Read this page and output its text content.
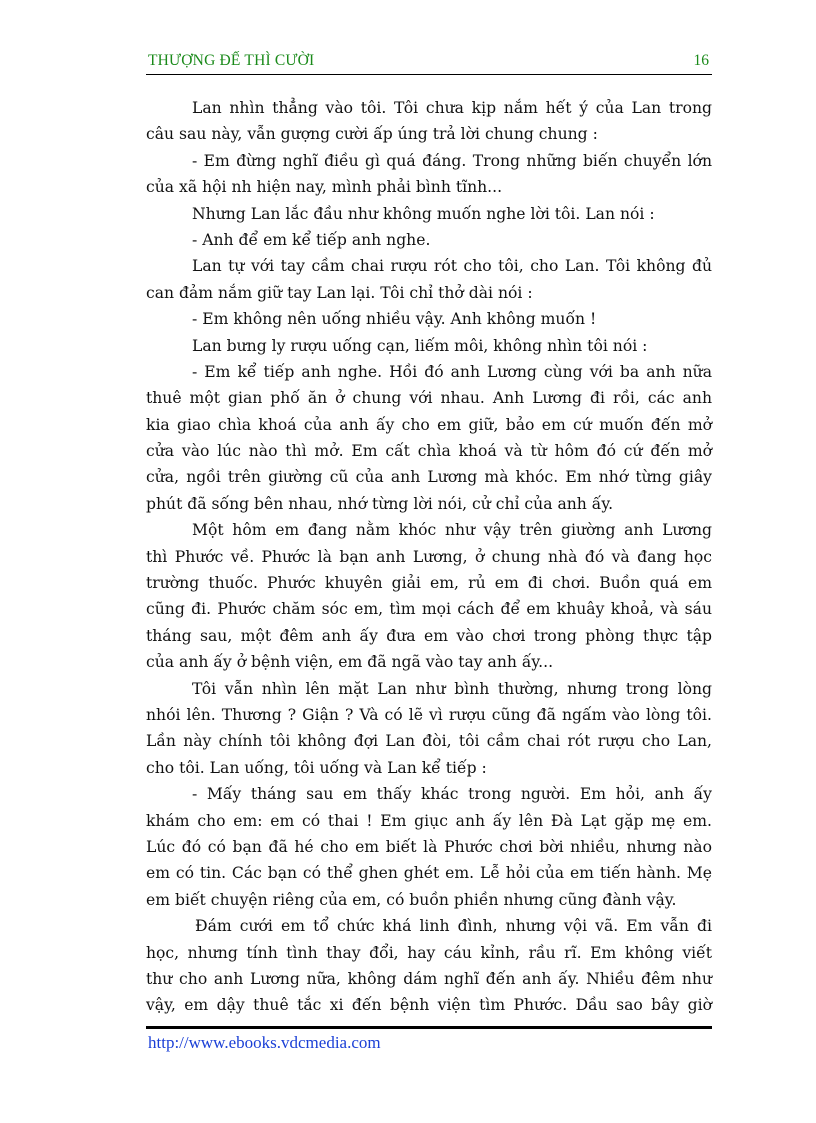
THƯỢNG ĐẾ THÌ CƯỜI	16
Lan nhìn thẳng vào tôi. Tôi chưa kịp nắm hết ý của Lan trong
câu sau này, vẫn gượng cười ấp úng trả lời chung chung :
- Em đừng nghĩ điều gì quá đáng. Trong những biến chuyển lớn
của xã hội nh hiện nay, mình phải bình tĩnh...
Nhưng Lan lắc đầu như không muốn nghe lời tôi. Lan nói :
- Anh để em kể tiếp anh nghe.
Lan tự với tay cầm chai rượu rót cho tôi, cho Lan. Tôi không đủ
can đảm nắm giữ tay Lan lại. Tôi chỉ thở dài nói :
- Em không nên uống nhiều vậy. Anh không muốn !
Lan bưng ly rượu uống cạn, liếm môi, không nhìn tôi nói :
- Em kể tiếp anh nghe. Hồi đó anh Lương cùng với ba anh nữa
thuê một gian phố ăn ở chung với nhau. Anh Lương đi rồi, các anh
kia giao chìa khoá của anh ấy cho em giữ, bảo em cứ muốn đến mở
cửa vào lúc nào thì mở. Em cất chìa khoá và từ hôm đó cứ đến mở
cửa, ngồi trên giường cũ của anh Lương mà khóc. Em nhớ từng giây
phút đã sống bên nhau, nhớ từng lời nói, cử chỉ của anh ấy.
Một hôm em đang nằm khóc như vậy trên giường anh Lương
thì Phước về. Phước là bạn anh Lương, ở chung nhà đó và đang học
trường thuốc. Phước khuyên giải em, rủ em đi chơi. Buồn quá em
cũng đi. Phước chăm sóc em, tìm mọi cách để em khuây khoả, và sáu
tháng sau, một đêm anh ấy đưa em vào chơi trong phòng thực tập
của anh ấy ở bệnh viện, em đã ngã vào tay anh ấy...
Tôi vẫn nhìn lên mặt Lan như bình thường, nhưng trong lòng
nhói lên. Thương ? Giận ? Và có lẽ vì rượu cũng đã ngấm vào lòng tôi.
Lần này chính tôi không đợi Lan đòi, tôi cầm chai rót rượu cho Lan,
cho tôi. Lan uống, tôi uống và Lan kể tiếp :
- Mấy tháng sau em thấy khác trong người. Em hỏi, anh ấy
khám cho em: em có thai ! Em giục anh ấy lên Đà Lạt gặp mẹ em.
Lúc đó có bạn đã hé cho em biết là Phước chơi bời nhiều, nhưng nào
em có tin. Các bạn có thể ghen ghét em. Lễ hỏi của em tiến hành. Mẹ
em biết chuyện riêng của em, có buồn phiền nhưng cũng đành vậy.
Đám cưới em tổ chức khá linh đình, nhưng vội vã. Em vẫn đi
học, nhưng tính tình thay đổi, hay cáu kỉnh, rầu rĩ. Em không viết
thư cho anh Lương nữa, không dám nghĩ đến anh ấy. Nhiều đêm như
vậy, em dậy thuê tắc xi đến bệnh viện tìm Phước. Dầu sao bây giờ
http://www.ebooks.vdcmedia.com
